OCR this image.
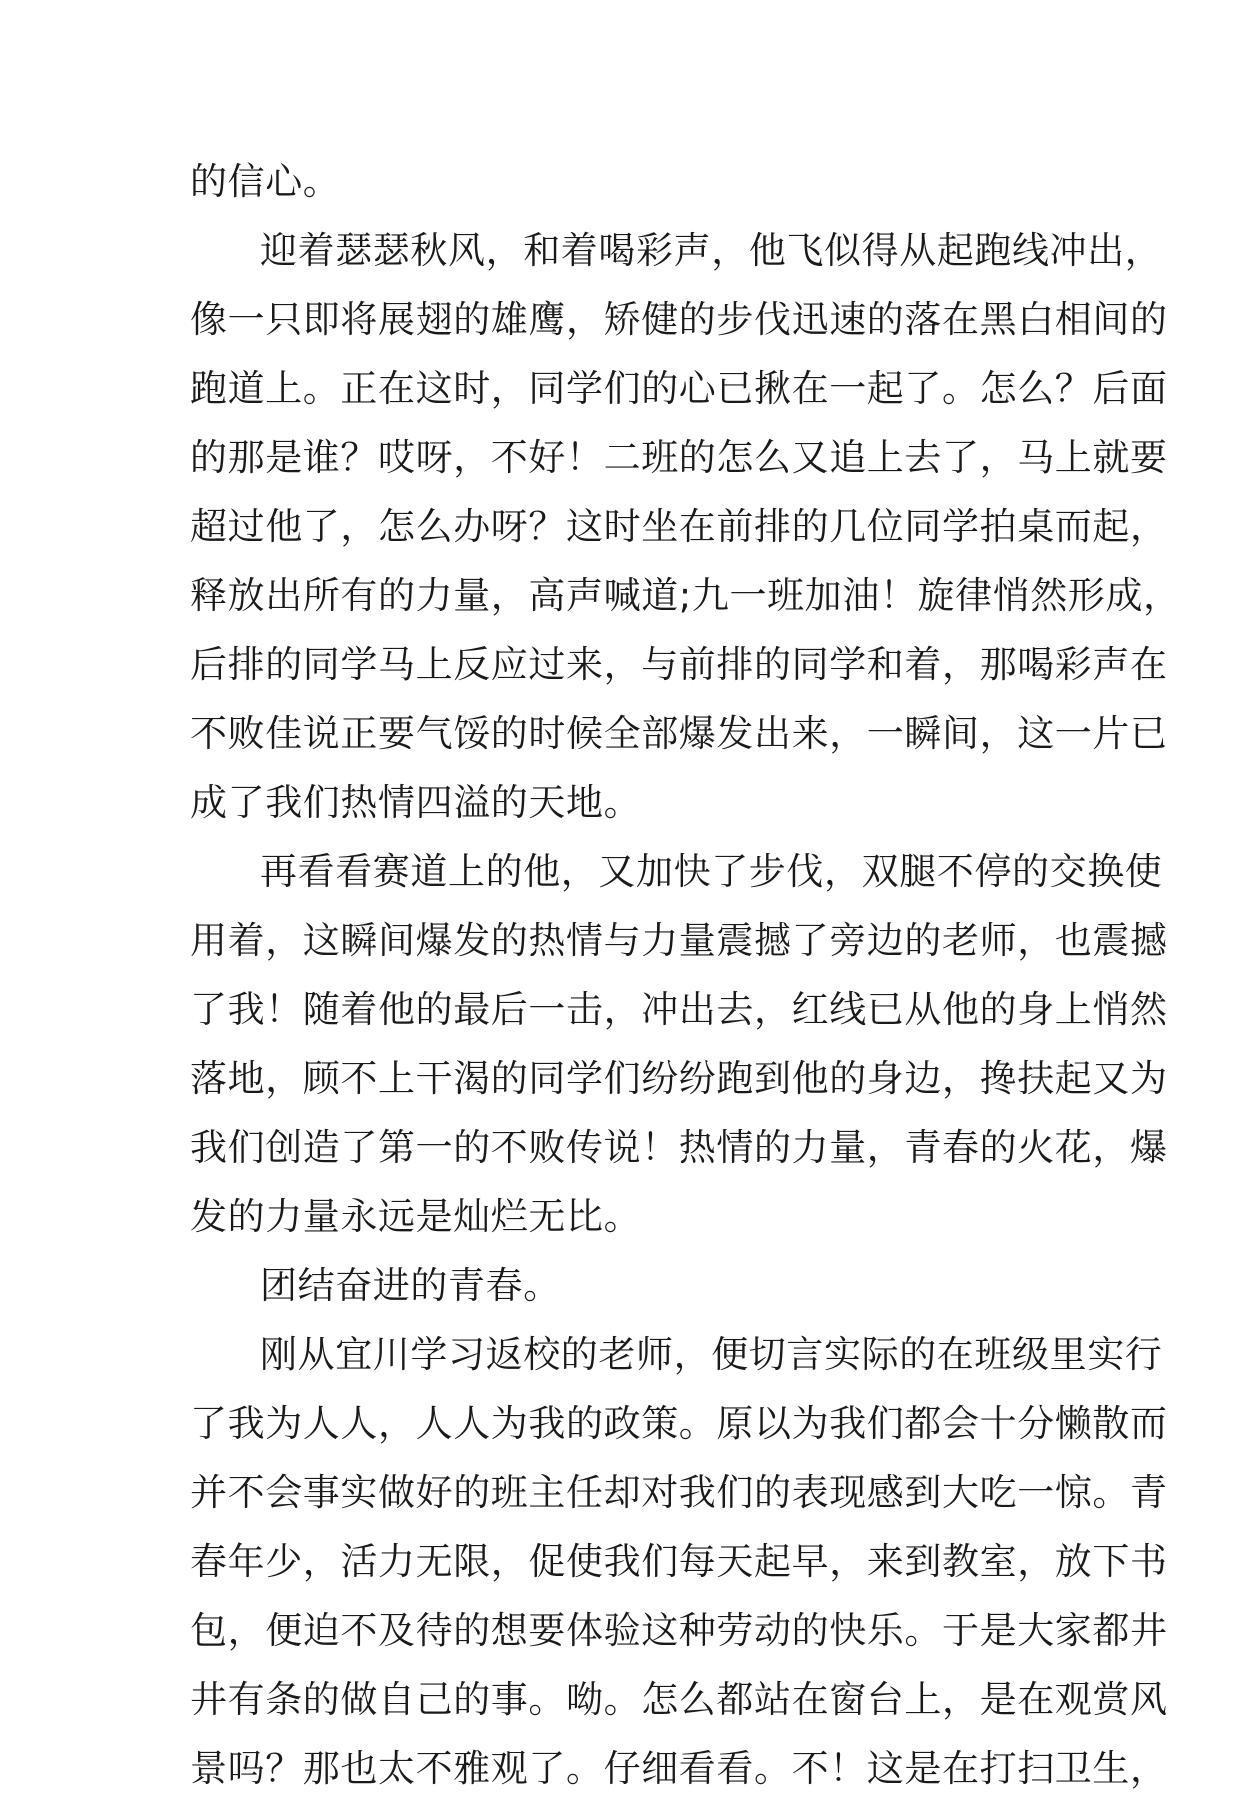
的信心。
迎着瑟瑟秋风，和着喝彩声，他飞似得从起跑线冲出，
像一只即将展翅的雄鹰，矫健的步伐迅速的落在黑白相间的
跑道上。正在这时，同学们的心已揪在一起了。怎么？后面
的那是谁？哎呀，不好！二班的怎么又追上去了，马上就要
超过他了，怎么办呀？这时坐在前排的几位同学拍桌而起，
释放出所有的力量，高声喊道;九一班加油！旋律悄然形成，
后排的同学马上反应过来，与前排的同学和着，那喝彩声在
不败佳说正要气馁的时候全部爆发出来，一瞬间，这一片已
成了我们热情四溢的天地。
再看看赛道上的他，又加快了步伐，双腿不停的交换使
用着，这瞬间爆发的热情与力量震撼了旁边的老师，也震撼
了我！随着他的最后一击，冲出去，红线已从他的身上悄然
落地，顾不上干渴的同学们纷纷跑到他的身边，搀扶起又为
我们创造了第一的不败传说！热情的力量，青春的火花，爆
发的力量永远是灿烂无比。
团结奋进的青春。
刚从宜川学习返校的老师，便切言实际的在班级里实行
了我为人人，人人为我的政策。原以为我们都会十分懒散而
并不会事实做好的班主任却对我们的表现感到大吃一惊。青
春年少，活力无限，促使我们每天起早，来到教室，放下书
包，便迫不及待的想要体验这种劳动的快乐。于是大家都井
井有条的做自己的事。呦。怎么都站在窗台上，是在观赏风
景吗？那也太不雅观了。仔细看看。不！这是在打扫卫生，
